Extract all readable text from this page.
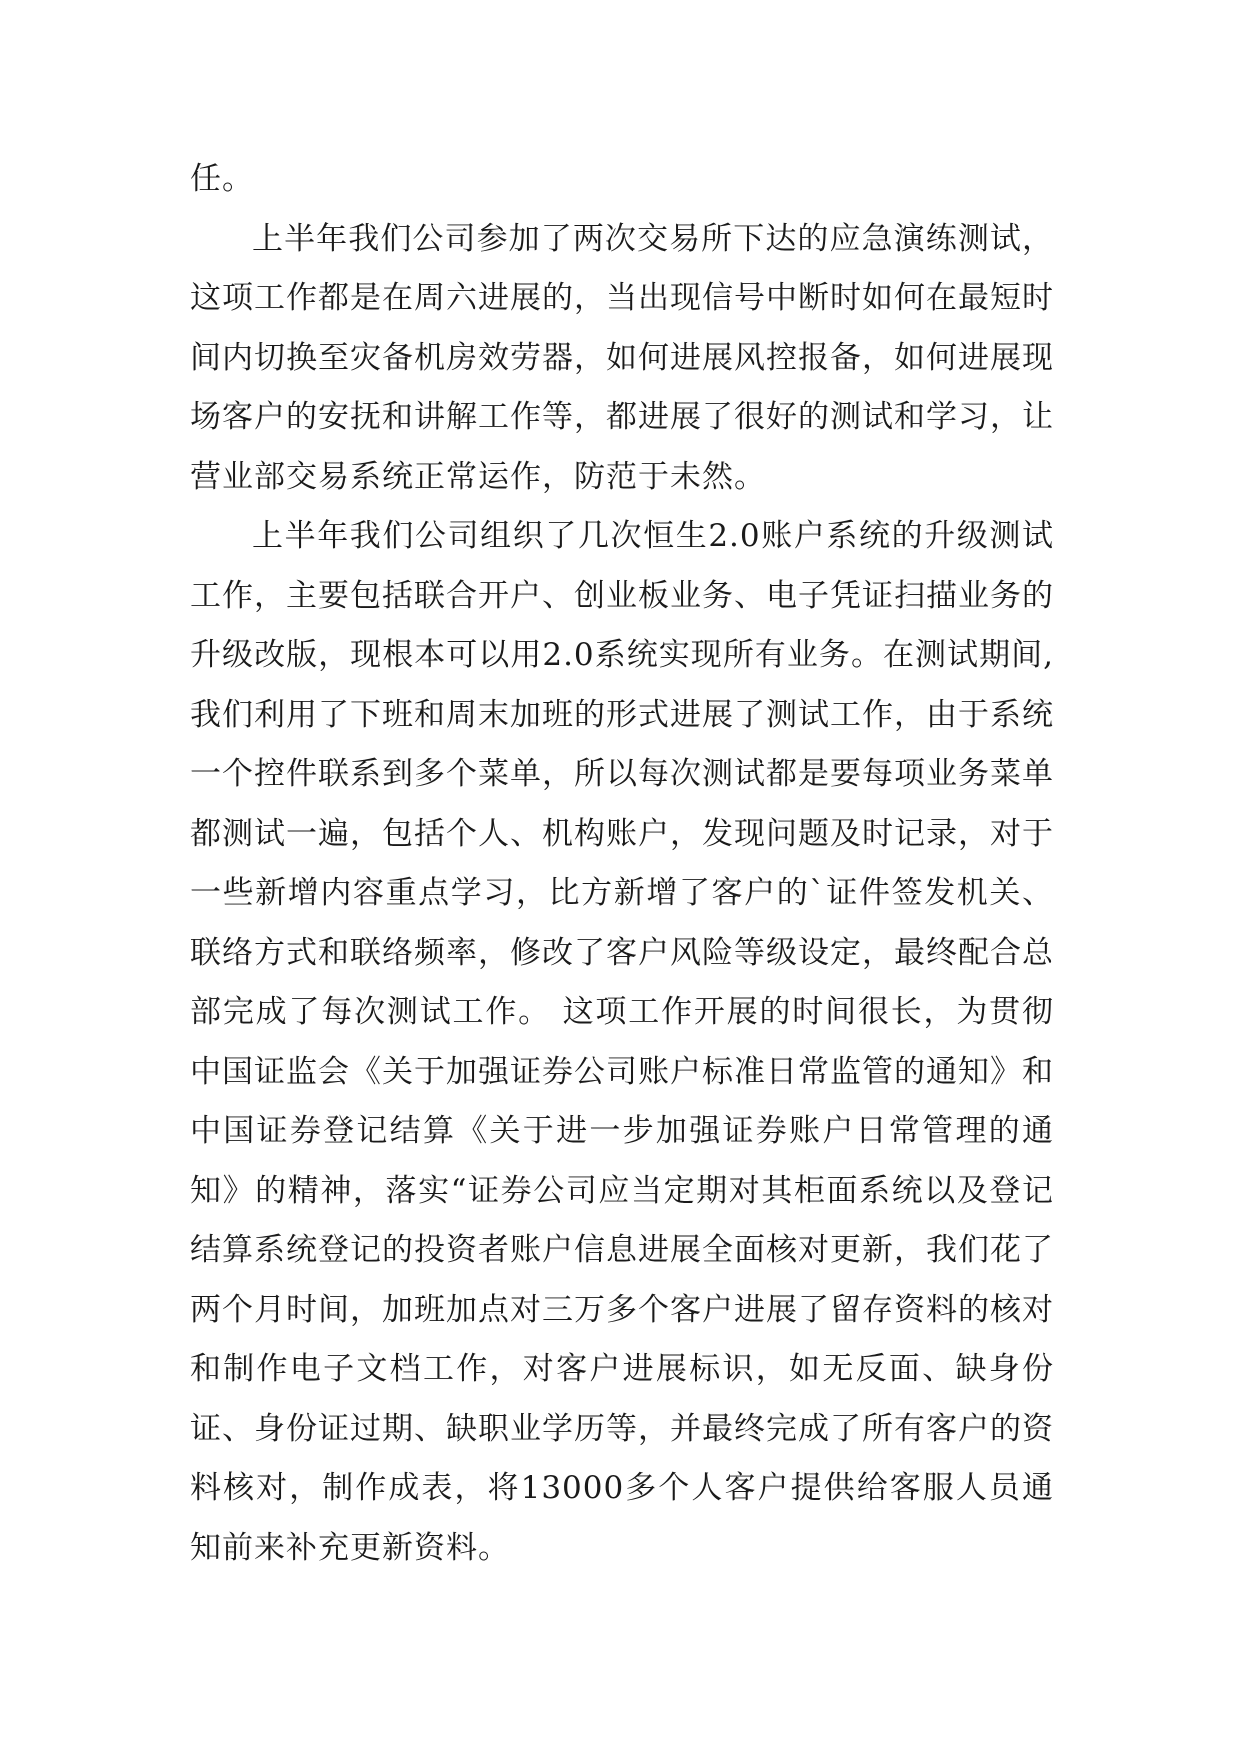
任。

上半年我们公司参加了两次交易所下达的应急演练测试，这项工作都是在周六进展的，当出现信号中断时如何在最短时间内切换至灾备机房效劳器，如何进展风控报备，如何进展现场客户的安抚和讲解工作等，都进展了很好的测试和学习，让营业部交易系统正常运作，防范于未然。

上半年我们公司组织了几次恒生2.0账户系统的升级测试工作，主要包括联合开户、创业板业务、电子凭证扫描业务的升级改版，现根本可以用2.0系统实现所有业务。在测试期间,我们利用了下班和周末加班的形式进展了测试工作，由于系统一个控件联系到多个菜单，所以每次测试都是要每项业务菜单都测试一遍，包括个人、机构账户，发现问题及时记录，对于一些新增内容重点学习，比方新增了客户的`证件签发机关、联络方式和联络频率，修改了客户风险等级设定，最终配合总部完成了每次测试工作。 这项工作开展的时间很长，为贯彻中国证监会《关于加强证券公司账户标准日常监管的通知》和中国证券登记结算《关于进一步加强证券账户日常管理的通知》的精神，落实“证券公司应当定期对其柜面系统以及登记结算系统登记的投资者账户信息进展全面核对更新，我们花了两个月时间，加班加点对三万多个客户进展了留存资料的核对和制作电子文档工作，对客户进展标识，如无反面、缺身份证、身份证过期、缺职业学历等，并最终完成了所有客户的资料核对，制作成表，将13000多个人客户提供给客服人员通知前来补充更新资料。
